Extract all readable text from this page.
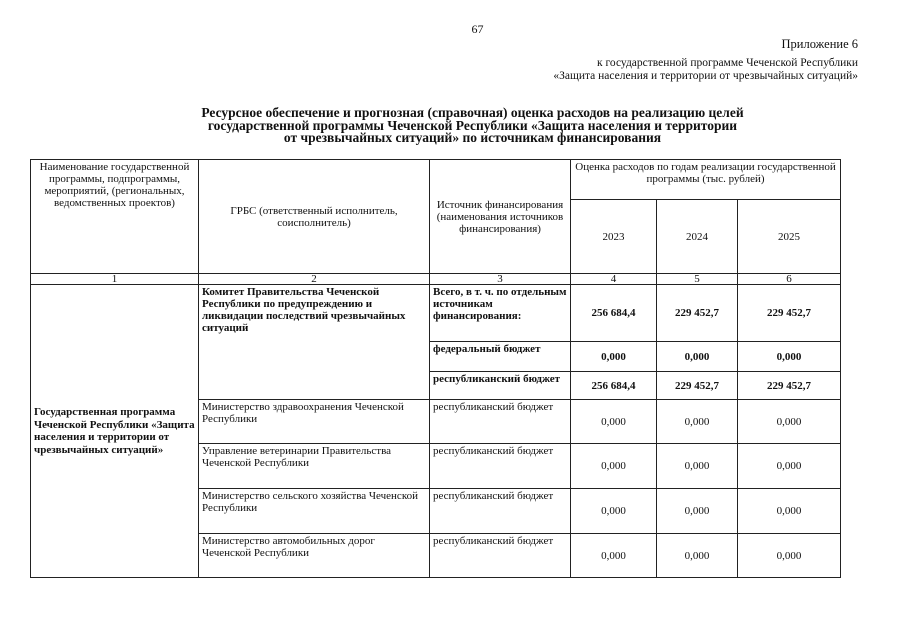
67
Приложение 6
к государственной программе Чеченской Республики
«Защита населения и территории от чрезвычайных ситуаций»
Ресурсное обеспечение и прогнозная (справочная) оценка расходов на реализацию целей
государственной программы Чеченской Республики «Защита населения и территории
от чрезвычайных ситуаций» по источникам финансирования
Наименование государственной программы, подпрограммы, мероприятий, (региональных, ведомственных проектов)	ГРБС (ответственный исполнитель, соисполнитель)	Источник финансирования (наименования источников финансирования)	Оценка расходов по годам реализации государственной программы (тыс. рублей)		
			2023	2024	2025
1	2	3	4	5	6
Государственная программа Чеченской Республики «Защита населения и территории от чрезвычайных ситуаций»	Комитет Правительства Чеченской Республики по предупреждению и ликвидации последствий чрезвычайных ситуаций	Всего, в т. ч. по отдельным источникам финансирования:	256 684,4	229 452,7	229 452,7
		федеральный бюджет	0,000	0,000	0,000
		республиканский бюджет	256 684,4	229 452,7	229 452,7
	Министерство здравоохранения Чеченской Республики	республиканский бюджет	0,000	0,000	0,000
	Управление ветеринарии Правительства Чеченской Республики	республиканский бюджет	0,000	0,000	0,000
	Министерство сельского хозяйства Чеченской Республики	республиканский бюджет	0,000	0,000	0,000
	Министерство автомобильных дорог Чеченской Республики	республиканский бюджет	0,000	0,000	0,000
